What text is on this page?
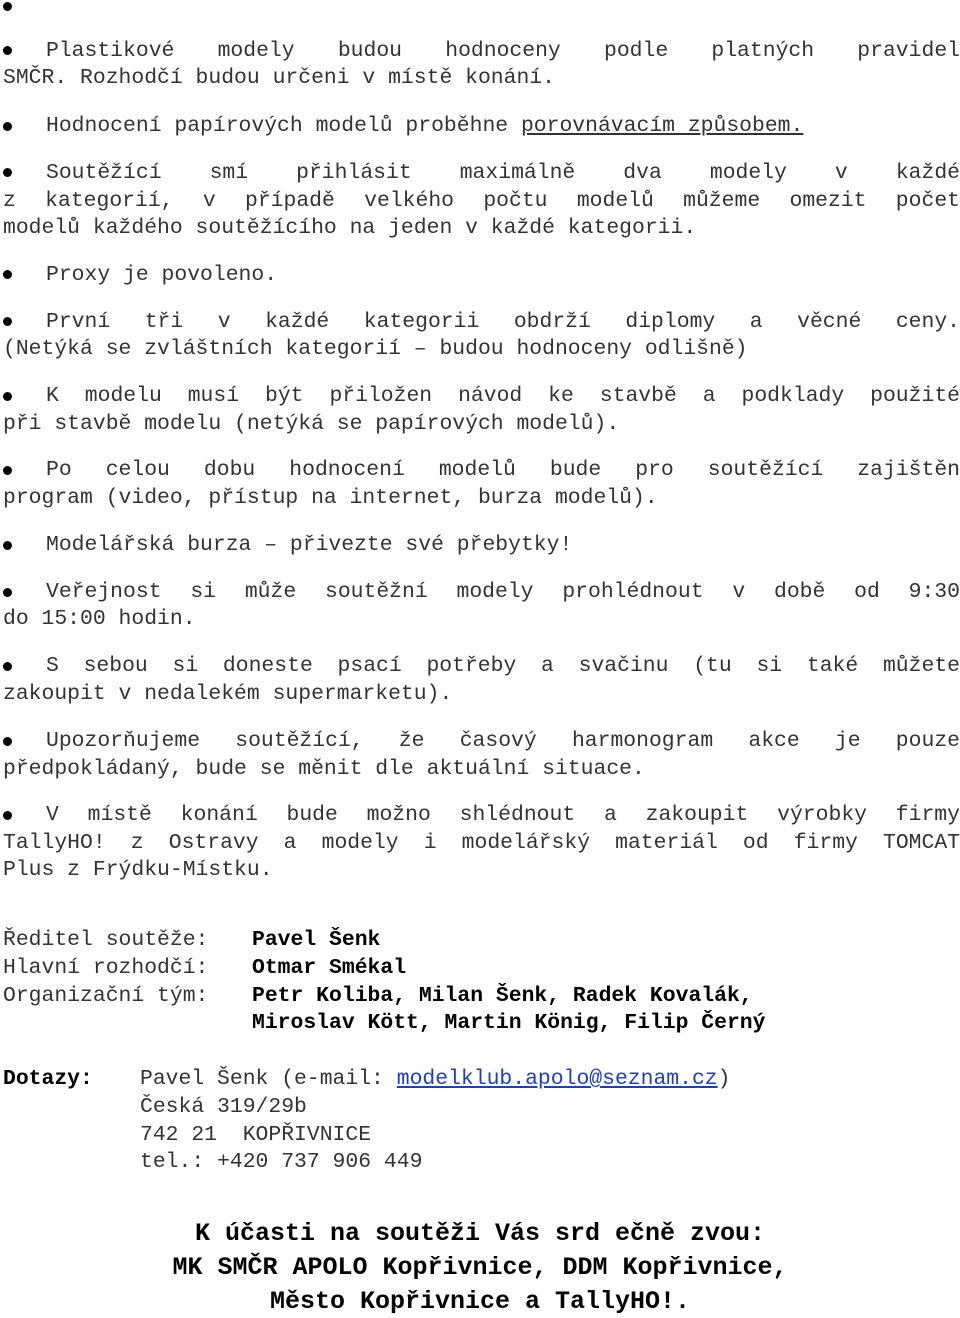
Plastikové modely budou hodnoceny podle platných pravidel
SMČR. Rozhodčí budou určeni v místě konání.
Hodnocení papírových modelů proběhne porovnávacím způsobem.
Soutěžící smí přihlásit maximálně dva modely v každé
z kategorií, v případě velkého počtu modelů můžeme omezit počet
modelů každého soutěžícího na jeden v každé kategorii.
Proxy je povoleno.
První tři v každé kategorii obdrží diplomy a věcné ceny.
(Netýká se zvláštních kategorií – budou hodnoceny odlišně)
K modelu musí být přiložen návod ke stavbě a podklady použité
při stavbě modelu (netýká se papírových modelů).
Po celou dobu hodnocení modelů bude pro soutěžící zajištěn
program (video, přístup na internet, burza modelů).
Modelářská burza – přivezte své přebytky!
Veřejnost si může soutěžní modely prohlédnout v době od 9:30
do 15:00 hodin.
S sebou si doneste psací potřeby a svačinu (tu si také můžete
zakoupit v nedalekém supermarketu).
Upozorňujeme soutěžící, že časový harmonogram akce je pouze
předpokládaný, bude se měnit dle aktuální situace.
V místě konání bude možno shlédnout a zakoupit výrobky firmy
TallyHO! z Ostravy a modely i modelářský materiál od firmy TOMCAT
Plus z Frýdku-Místku.
Ředitel soutěže: Pavel Šenk
Hlavní rozhodčí: Otmar Smékal
Organizační tým: Petr Koliba, Milan Šenk, Radek Kovalák,
Miroslav Kött, Martin König, Filip Černý
Dotazy: Pavel Šenk (e-mail: modelklub.apolo@seznam.cz)
Česká 319/29b
742 21  KOPŘIVNICE
tel.: +420 737 906 449
K účasti na soutěži Vás srd ečně zvou:
MK SMČR APOLO Kopřivnice, DDM Kopřivnice,
Město Kopřivnice a TallyHO!.
